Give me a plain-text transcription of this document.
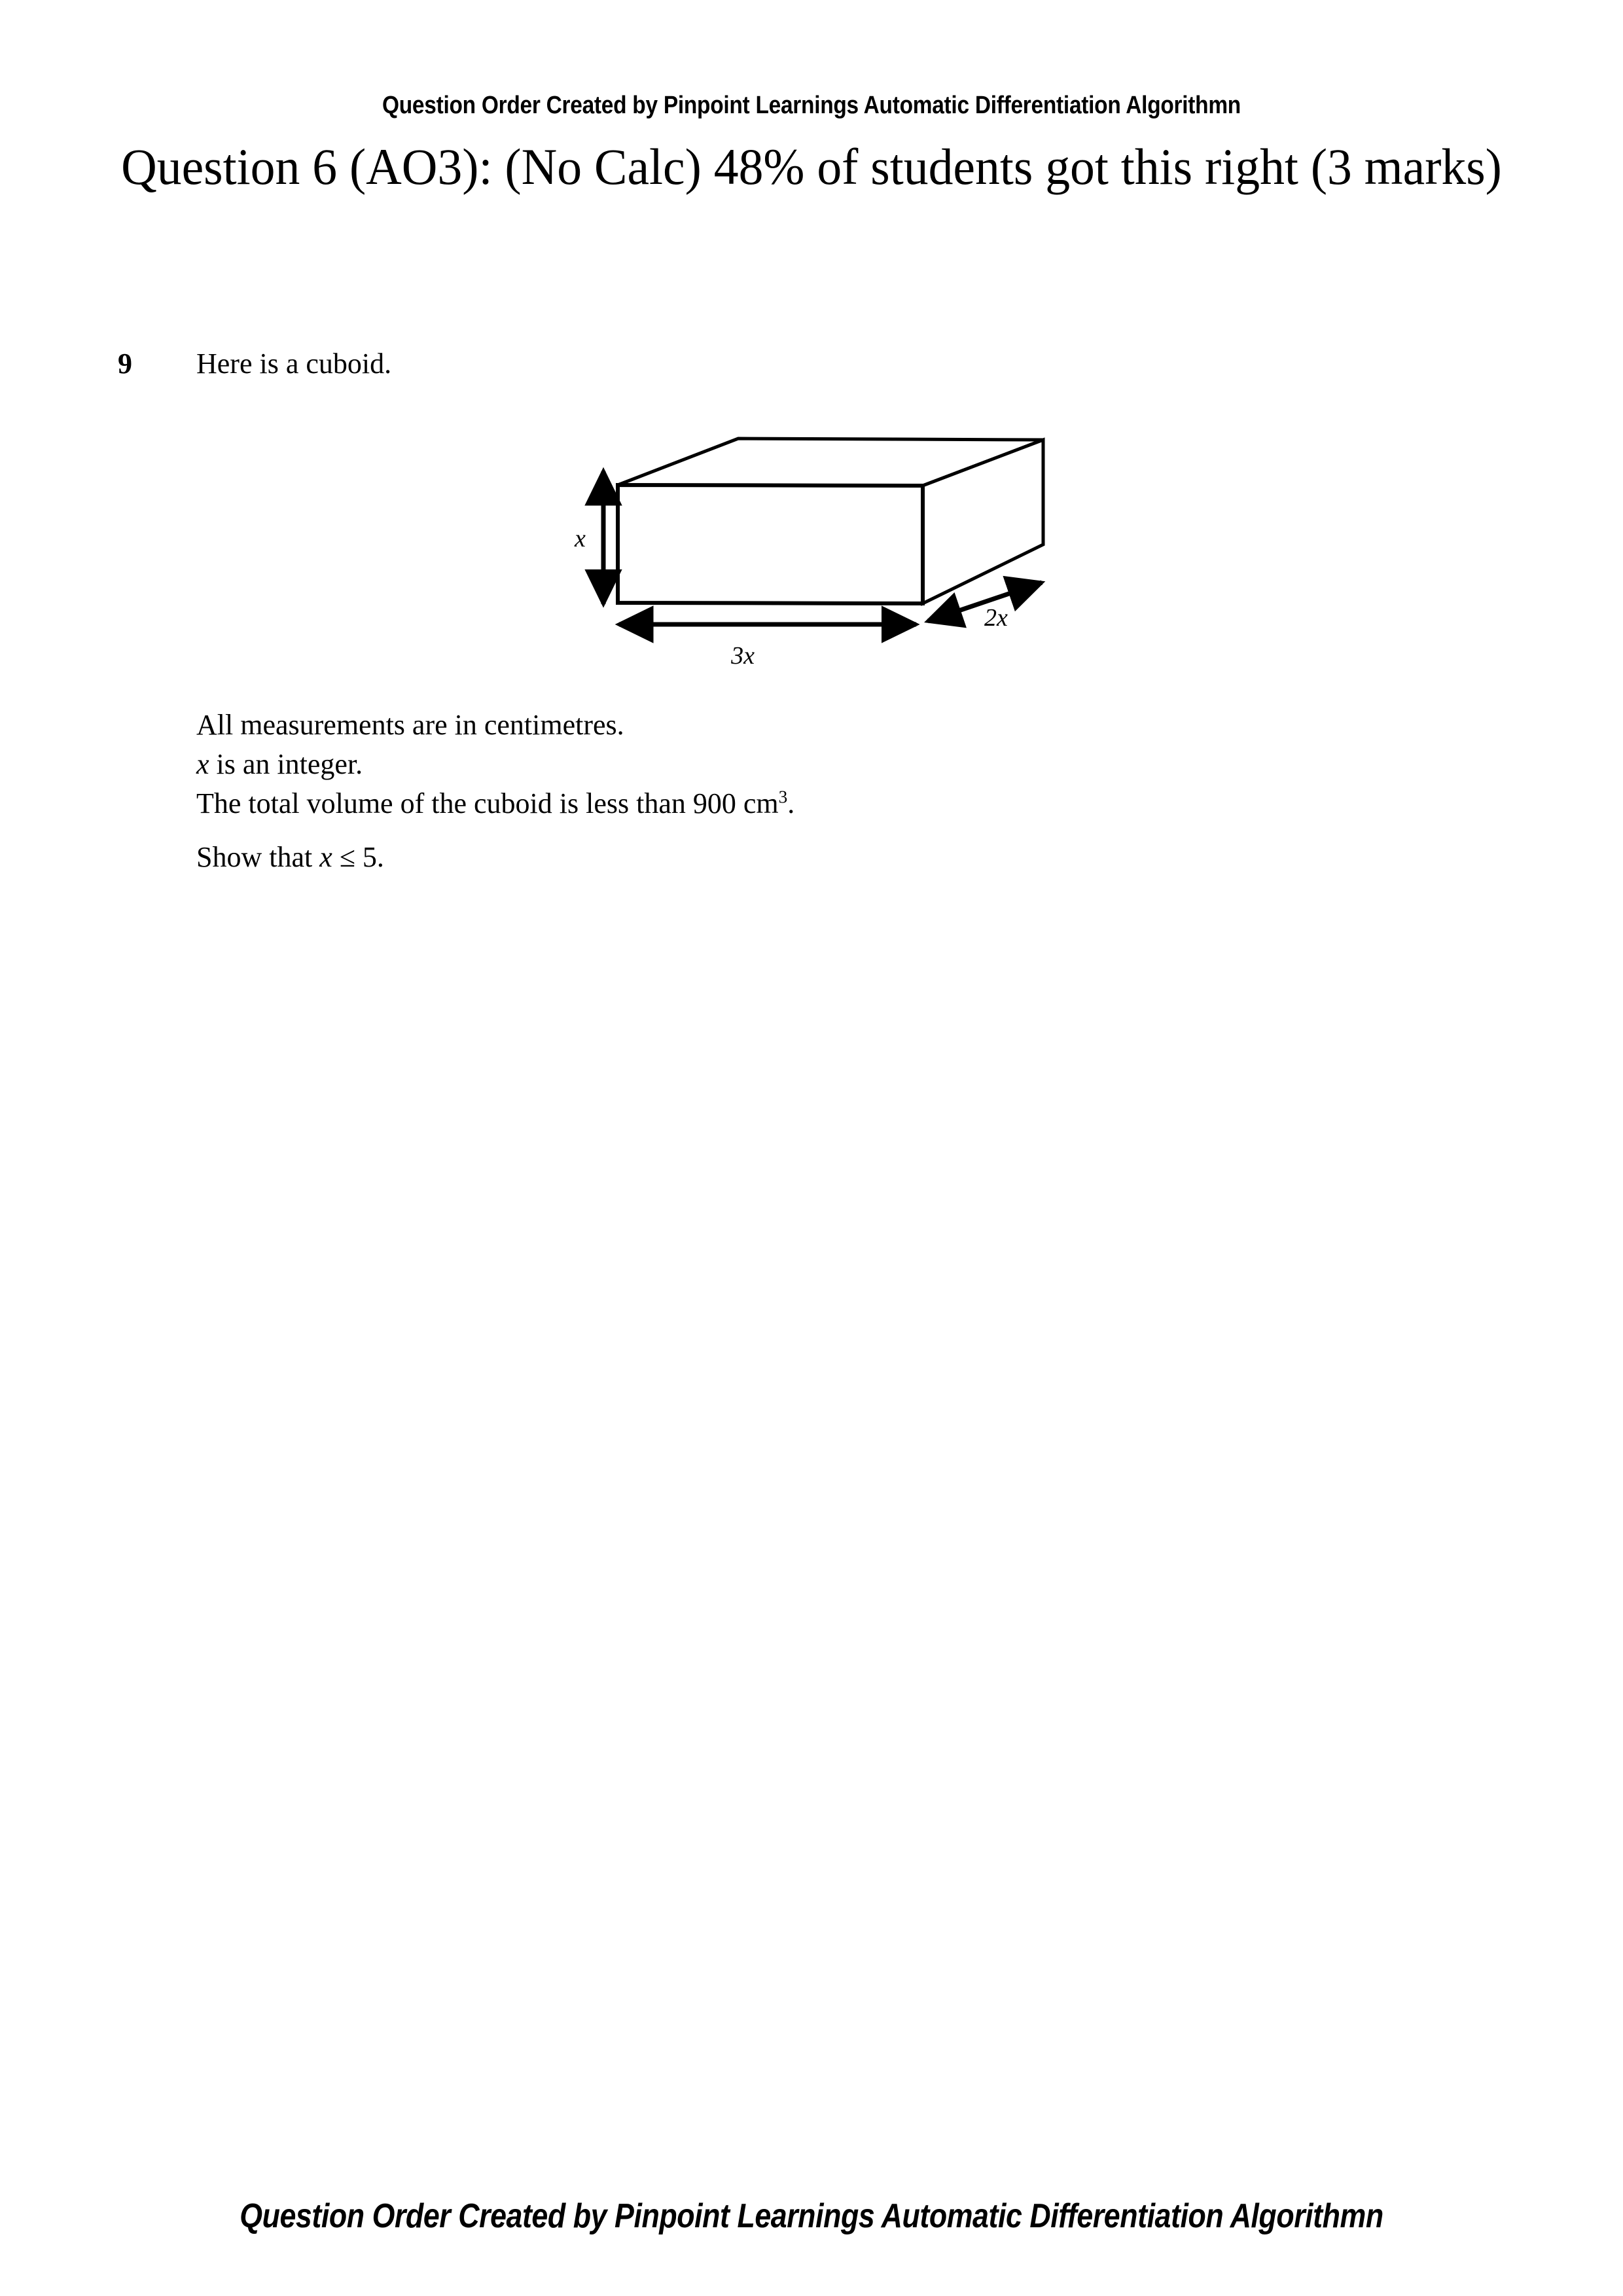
Question Order Created by Pinpoint Learnings Automatic Differentiation Algorithmn
Question 6 (AO3): (No Calc) 48% of students got this right (3 marks)
9 Here is a cuboid.
x
3x
2x
All measurements are in centimetres.
x is an integer.
The total volume of the cuboid is less than 900 $cm^3$.
Show that x ≤ 5.
Question Order Created by Pinpoint Learnings Automatic Differentiation Algorithmn
